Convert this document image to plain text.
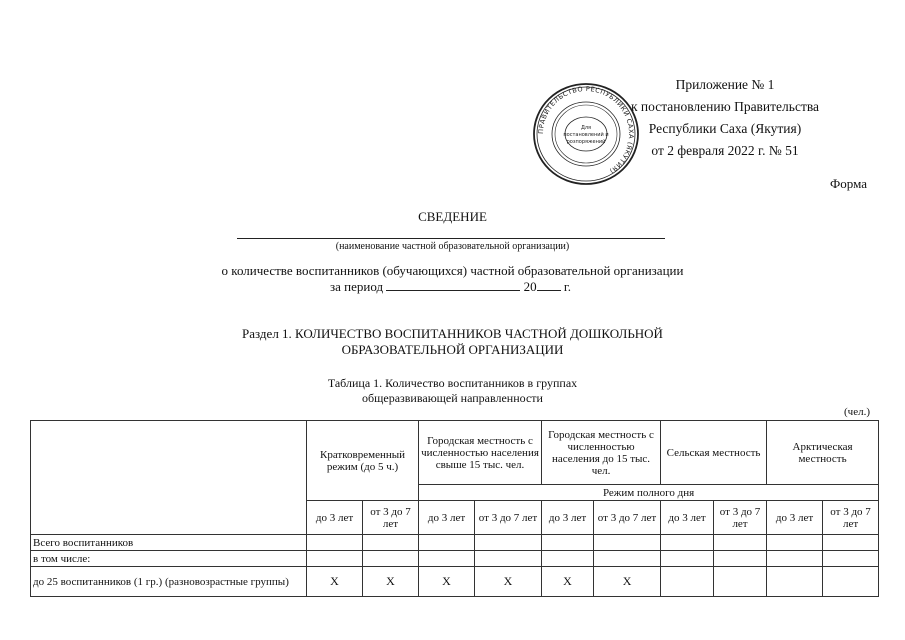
Приложение № 1
к постановлению Правительства
Республики Саха (Якутия)
от 2 февраля 2022 г. № 51
ПРАВИТЕЛЬСТВО РЕСПУБЛИКИ САХА (ЯКУТИЯ)
Для
постановлений и
розпоряжений
Форма
СВЕДЕНИЕ
(наименование частной образовательной организации)
о количестве воспитанников (обучающихся) частной образовательной организации
за период	20 г.
Раздел 1. КОЛИЧЕСТВО ВОСПИТАННИКОВ ЧАСТНОЙ ДОШКОЛЬНОЙ
ОБРАЗОВАТЕЛЬНОЙ ОРГАНИЗАЦИИ
Таблица 1. Количество воспитанников в группах
общеразвивающей направленности
(чел.)
	Кратковременный режим (до 5 ч.)		Городская местность с численностью населения свыше 15 тыс. чел.		Городская местность с численностью населения до 15 тыс. чел.		Сельская местность		Арктическая местность	
			Режим полного дня							
	до 3 лет	от 3 до 7 лет	до 3 лет	от 3 до 7 лет	до 3 лет	от 3 до 7 лет	до 3 лет	от 3 до 7 лет	до 3 лет	от 3 до 7 лет
Всего воспитанников										
в том числе:										
до 25 воспитанников (1 гр.) (разновозрастные группы)	Х	Х	Х	Х	Х	Х				
